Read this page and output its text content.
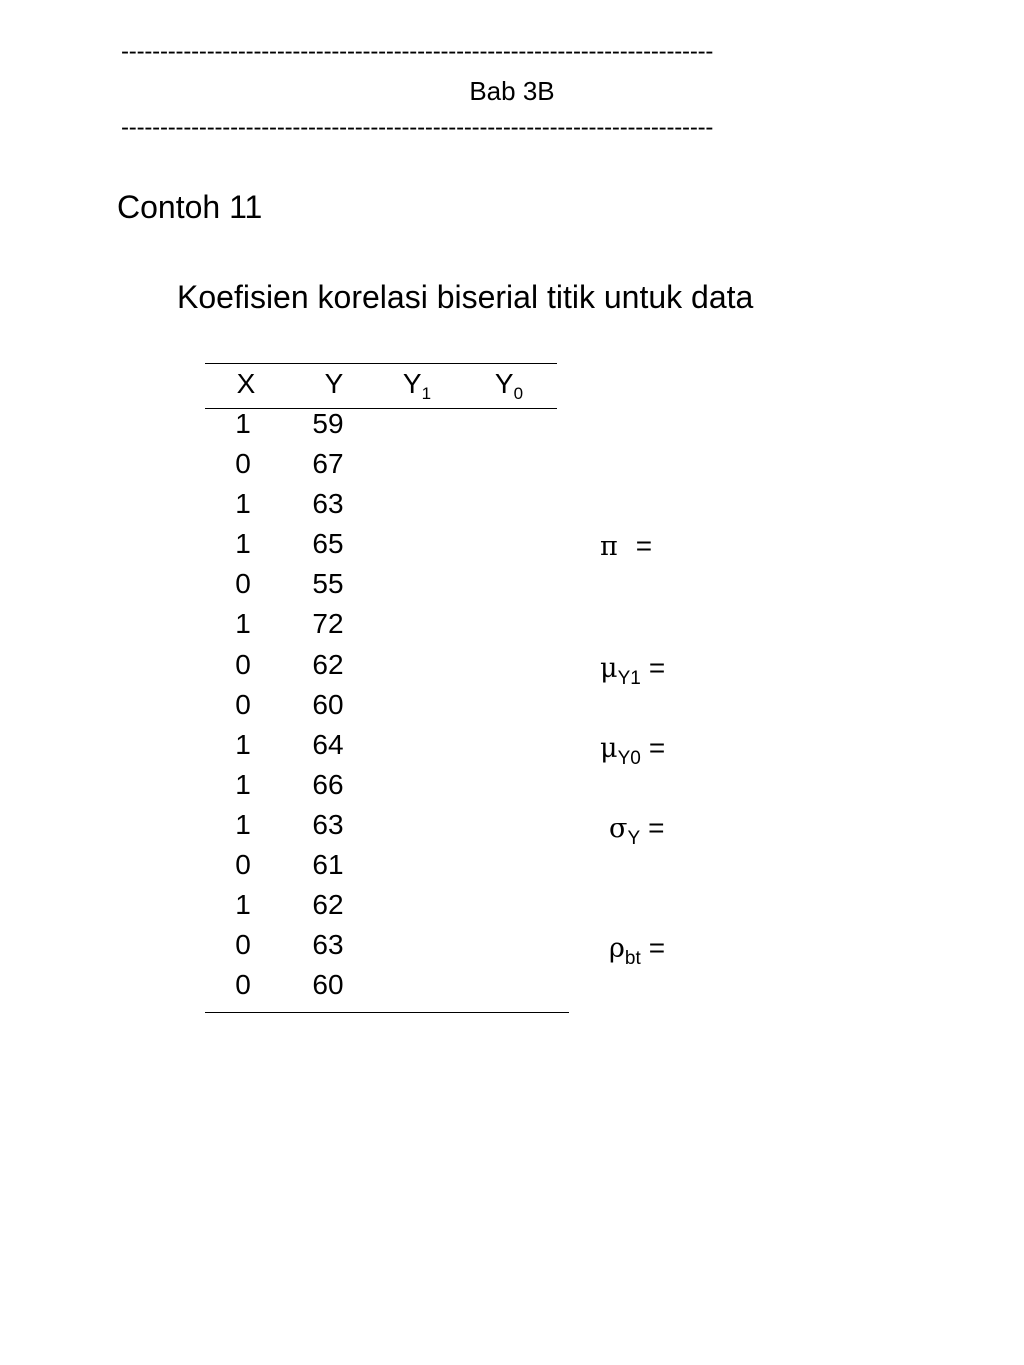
----------------------------------------------------------------------------
Bab 3B
----------------------------------------------------------------------------
Contoh 11
Koefisien korelasi biserial titik untuk data
X	Y	$Y_1$	$Y_0$
1	59
0	67
1	63
1	65
0	55
1	72
0	62
0	60
1	64
1	66
1	63
0	61
1	62
0	63
0	60
π =
$\mu_{Y1}$ =
$\mu_{Y0}$ =
$\sigma_Y$ =
$\rho_{bt}$ =
